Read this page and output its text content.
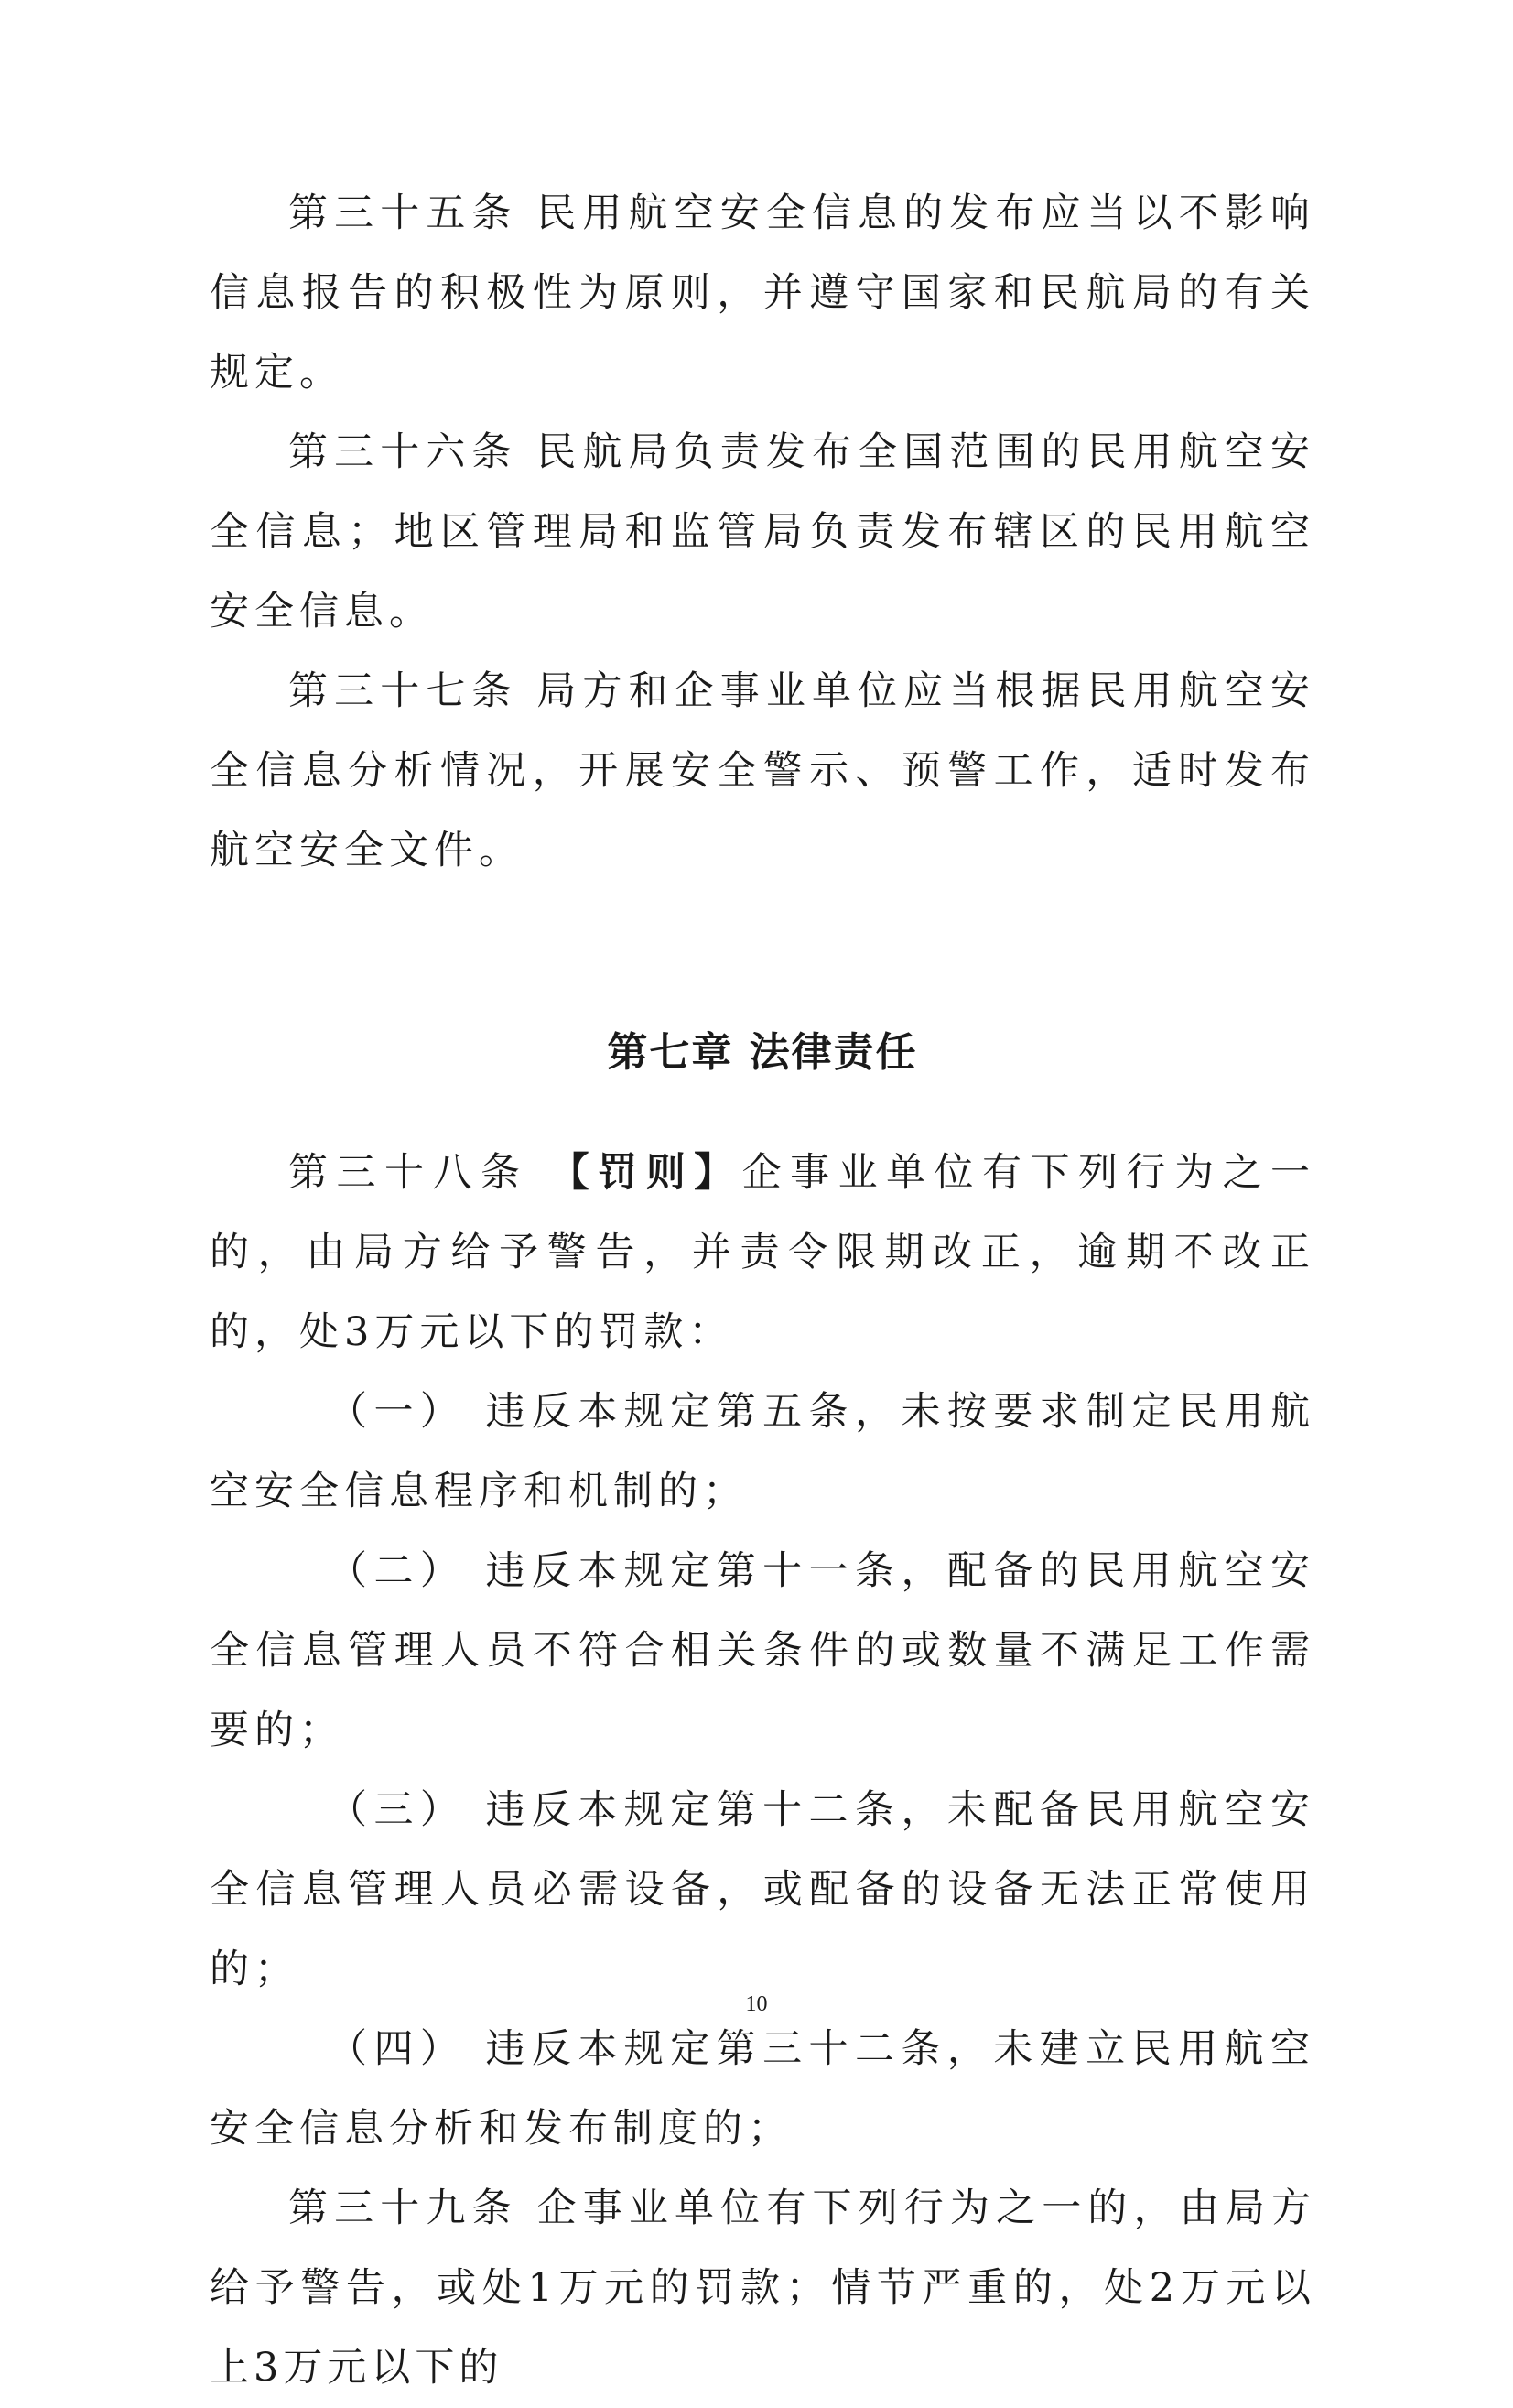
第三十五条 民用航空安全信息的发布应当以不影响信息报告的积极性为原则，并遵守国家和民航局的有关规定。

第三十六条 民航局负责发布全国范围的民用航空安全信息；地区管理局和监管局负责发布辖区的民用航空安全信息。

第三十七条 局方和企事业单位应当根据民用航空安全信息分析情况，开展安全警示、预警工作，适时发布航空安全文件。

第七章 法律责任

第三十八条 【罚则】企事业单位有下列行为之一的，由局方给予警告，并责令限期改正，逾期不改正的，处3万元以下的罚款：

（一） 违反本规定第五条，未按要求制定民用航空安全信息程序和机制的；

（二） 违反本规定第十一条，配备的民用航空安全信息管理人员不符合相关条件的或数量不满足工作需要的；

（三） 违反本规定第十二条，未配备民用航空安全信息管理人员必需设备，或配备的设备无法正常使用的；

（四） 违反本规定第三十二条，未建立民用航空安全信息分析和发布制度的；

第三十九条 企事业单位有下列行为之一的，由局方给予警告，或处1万元的罚款；情节严重的，处2万元以上3万元以下的

10
